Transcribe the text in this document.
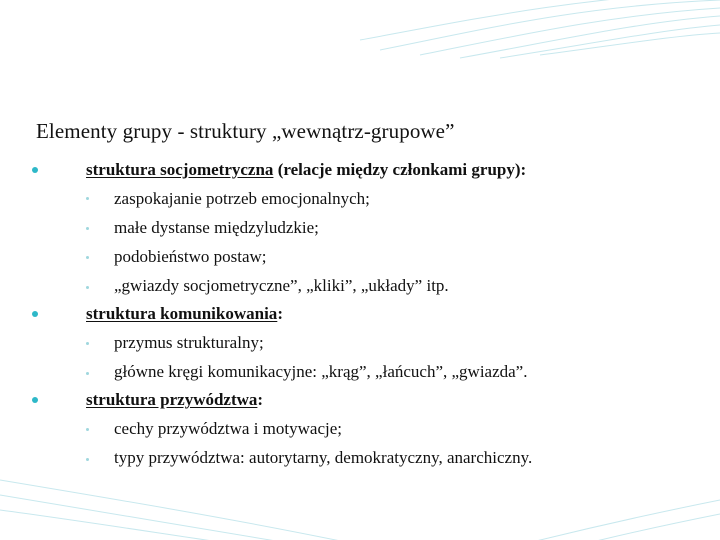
Elementy grupy - struktury „wewnątrz-grupowe”
struktura socjometryczna (relacje między członkami grupy):
zaspokajanie potrzeb emocjonalnych;
małe dystanse międzyludzkie;
podobieństwo postaw;
„gwiazdy socjometryczne”, „kliki”, „układy” itp.
struktura komunikowania:
przymus strukturalny;
główne kręgi komunikacyjne: „krąg”, „łańcuch”, „gwiazda”.
struktura przywództwa:
cechy przywództwa i motywacje;
typy przywództwa: autorytarny, demokratyczny, anarchiczny.
